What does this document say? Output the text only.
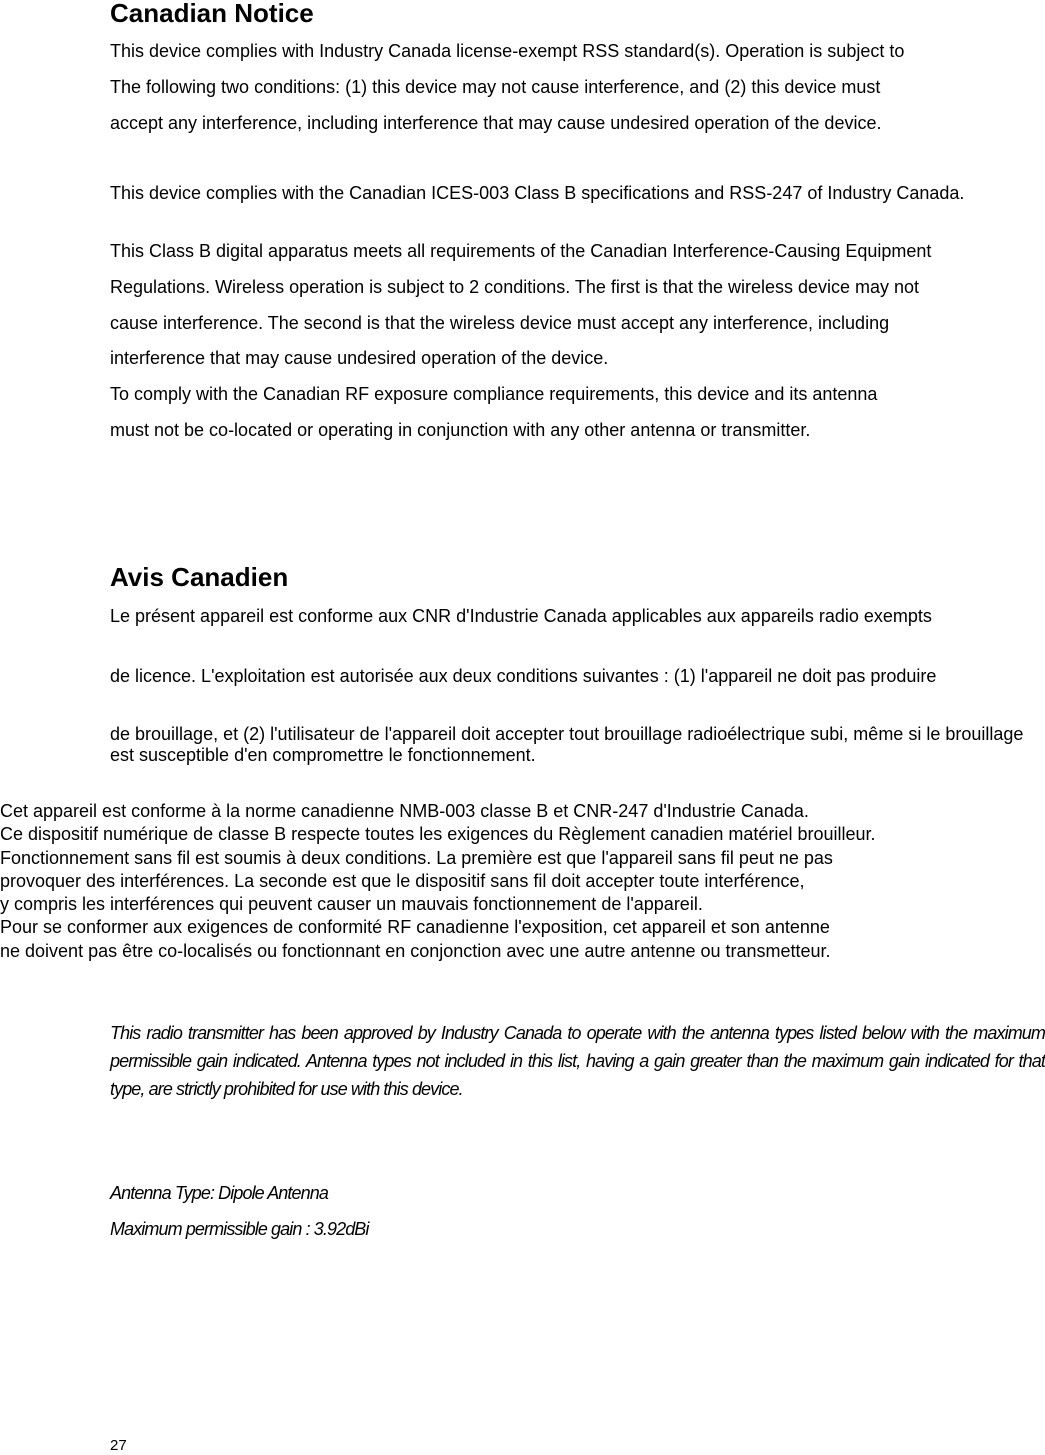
Canadian Notice

This device complies with Industry Canada license-exempt RSS standard(s). Operation is subject to

The following two conditions: (1) this device may not cause interference, and (2) this device must

accept any interference, including interference that may cause undesired operation of the device.

This device complies with the Canadian ICES-003 Class B specifications and RSS-247 of Industry Canada.

This Class B digital apparatus meets all requirements of the Canadian Interference-Causing Equipment

Regulations. Wireless operation is subject to 2 conditions. The first is that the wireless device may not

cause interference. The second is that the wireless device must accept any interference, including

interference that may cause undesired operation of the device.

To comply with the Canadian RF exposure compliance requirements, this device and its antenna

must not be co-located or operating in conjunction with any other antenna or transmitter.

Avis Canadien

Le présent appareil est conforme aux CNR d'Industrie Canada applicables aux appareils radio exempts

de licence. L'exploitation est autorisée aux deux conditions suivantes : (1) l'appareil ne doit pas produire

de brouillage, et (2) l'utilisateur de l'appareil doit accepter tout brouillage radioélectrique subi, même si le brouillage est susceptible d'en compromettre le fonctionnement.

Cet appareil est conforme à la norme canadienne NMB-003 classe B et CNR-247 d'Industrie Canada.
Ce dispositif numérique de classe B respecte toutes les exigences du Règlement canadien matériel brouilleur.
Fonctionnement sans fil est soumis à deux conditions. La première est que l'appareil sans fil peut ne pas
provoquer des interférences. La seconde est que le dispositif sans fil doit accepter toute interférence,
y compris les interférences qui peuvent causer un mauvais fonctionnement de l'appareil.
Pour se conformer aux exigences de conformité RF canadienne l'exposition, cet appareil et son antenne
ne doivent pas être co-localisés ou fonctionnant en conjonction avec une autre antenne ou transmetteur.

This radio transmitter has been approved by Industry Canada to operate with the antenna types listed below with the maximum permissible gain indicated. Antenna types not included in this list, having a gain greater than the maximum gain indicated for that type, are strictly prohibited for use with this device.

Antenna Type: Dipole Antenna
Maximum permissible gain : 3.92dBi

27
